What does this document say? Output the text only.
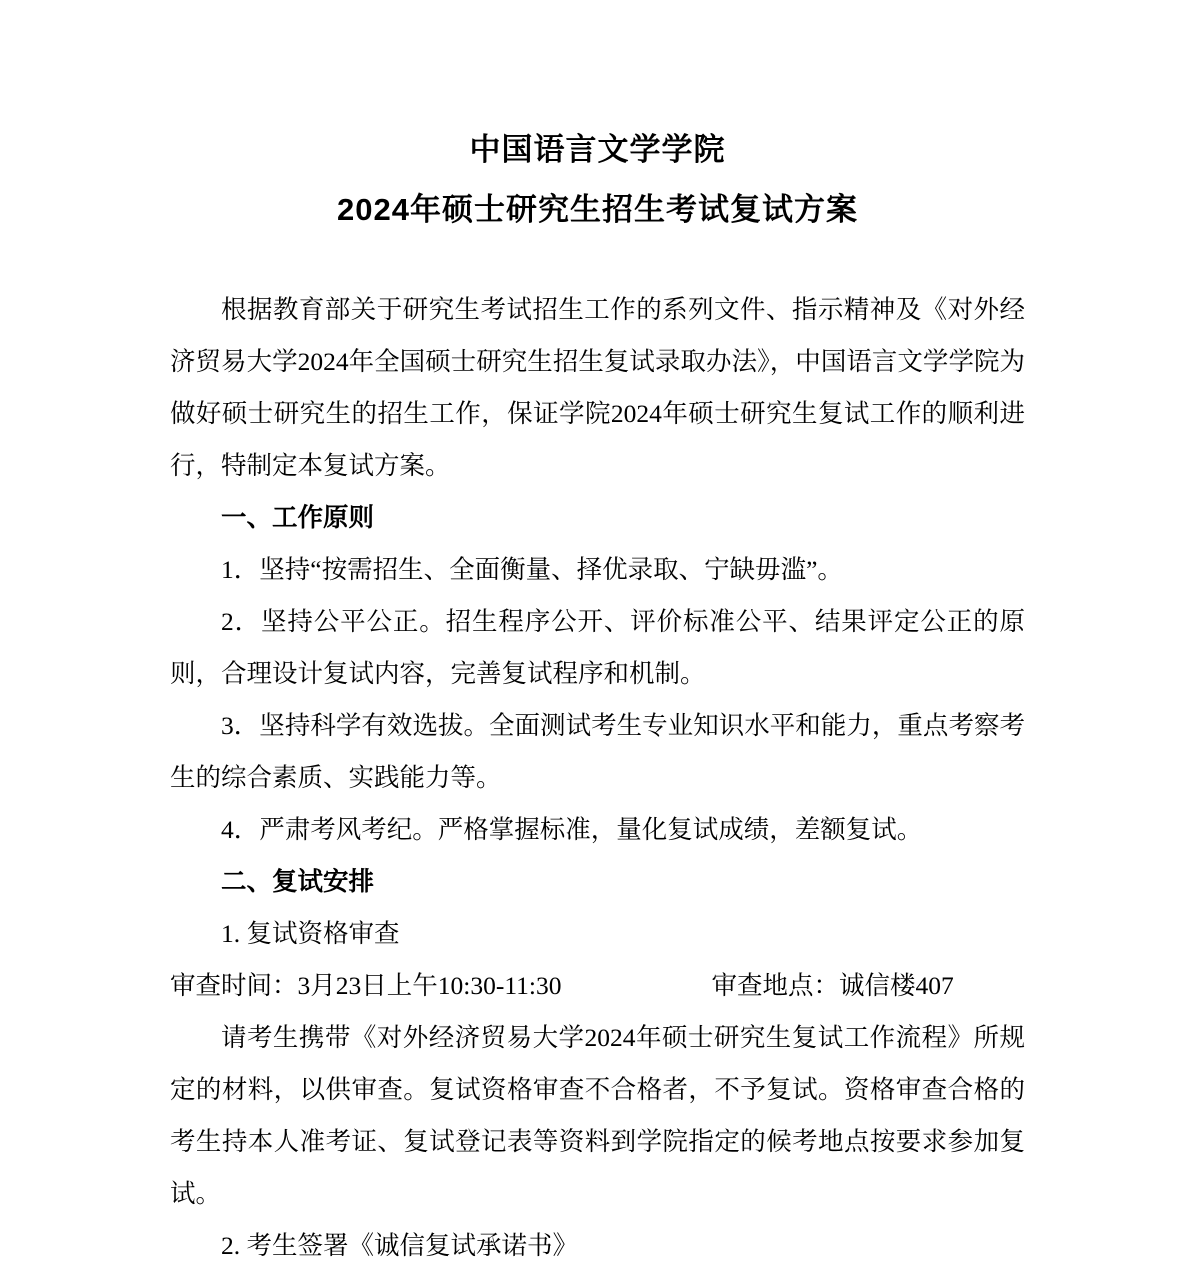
中国语言文学学院
2024年硕士研究生招生考试复试方案

根据教育部关于研究生考试招生工作的系列文件、指示精神及《对外经济贸易大学2024年全国硕士研究生招生复试录取办法》，中国语言文学学院为做好硕士研究生的招生工作，保证学院2024年硕士研究生复试工作的顺利进行，特制定本复试方案。

一、工作原则

1．坚持“按需招生、全面衡量、择优录取、宁缺毋滥”。

2．坚持公平公正。招生程序公开、评价标准公平、结果评定公正的原则，合理设计复试内容，完善复试程序和机制。

3．坚持科学有效选拔。全面测试考生专业知识水平和能力，重点考察考生的综合素质、实践能力等。

4．严肃考风考纪。严格掌握标准，量化复试成绩，差额复试。

二、复试安排

1. 复试资格审查

审查时间：3月23日上午10:30-11:30	审查地点：诚信楼407

请考生携带《对外经济贸易大学2024年硕士研究生复试工作流程》所规定的材料，以供审查。复试资格审查不合格者，不予复试。资格审查合格的考生持本人准考证、复试登记表等资料到学院指定的候考地点按要求参加复试。

2. 考生签署《诚信复试承诺书》
